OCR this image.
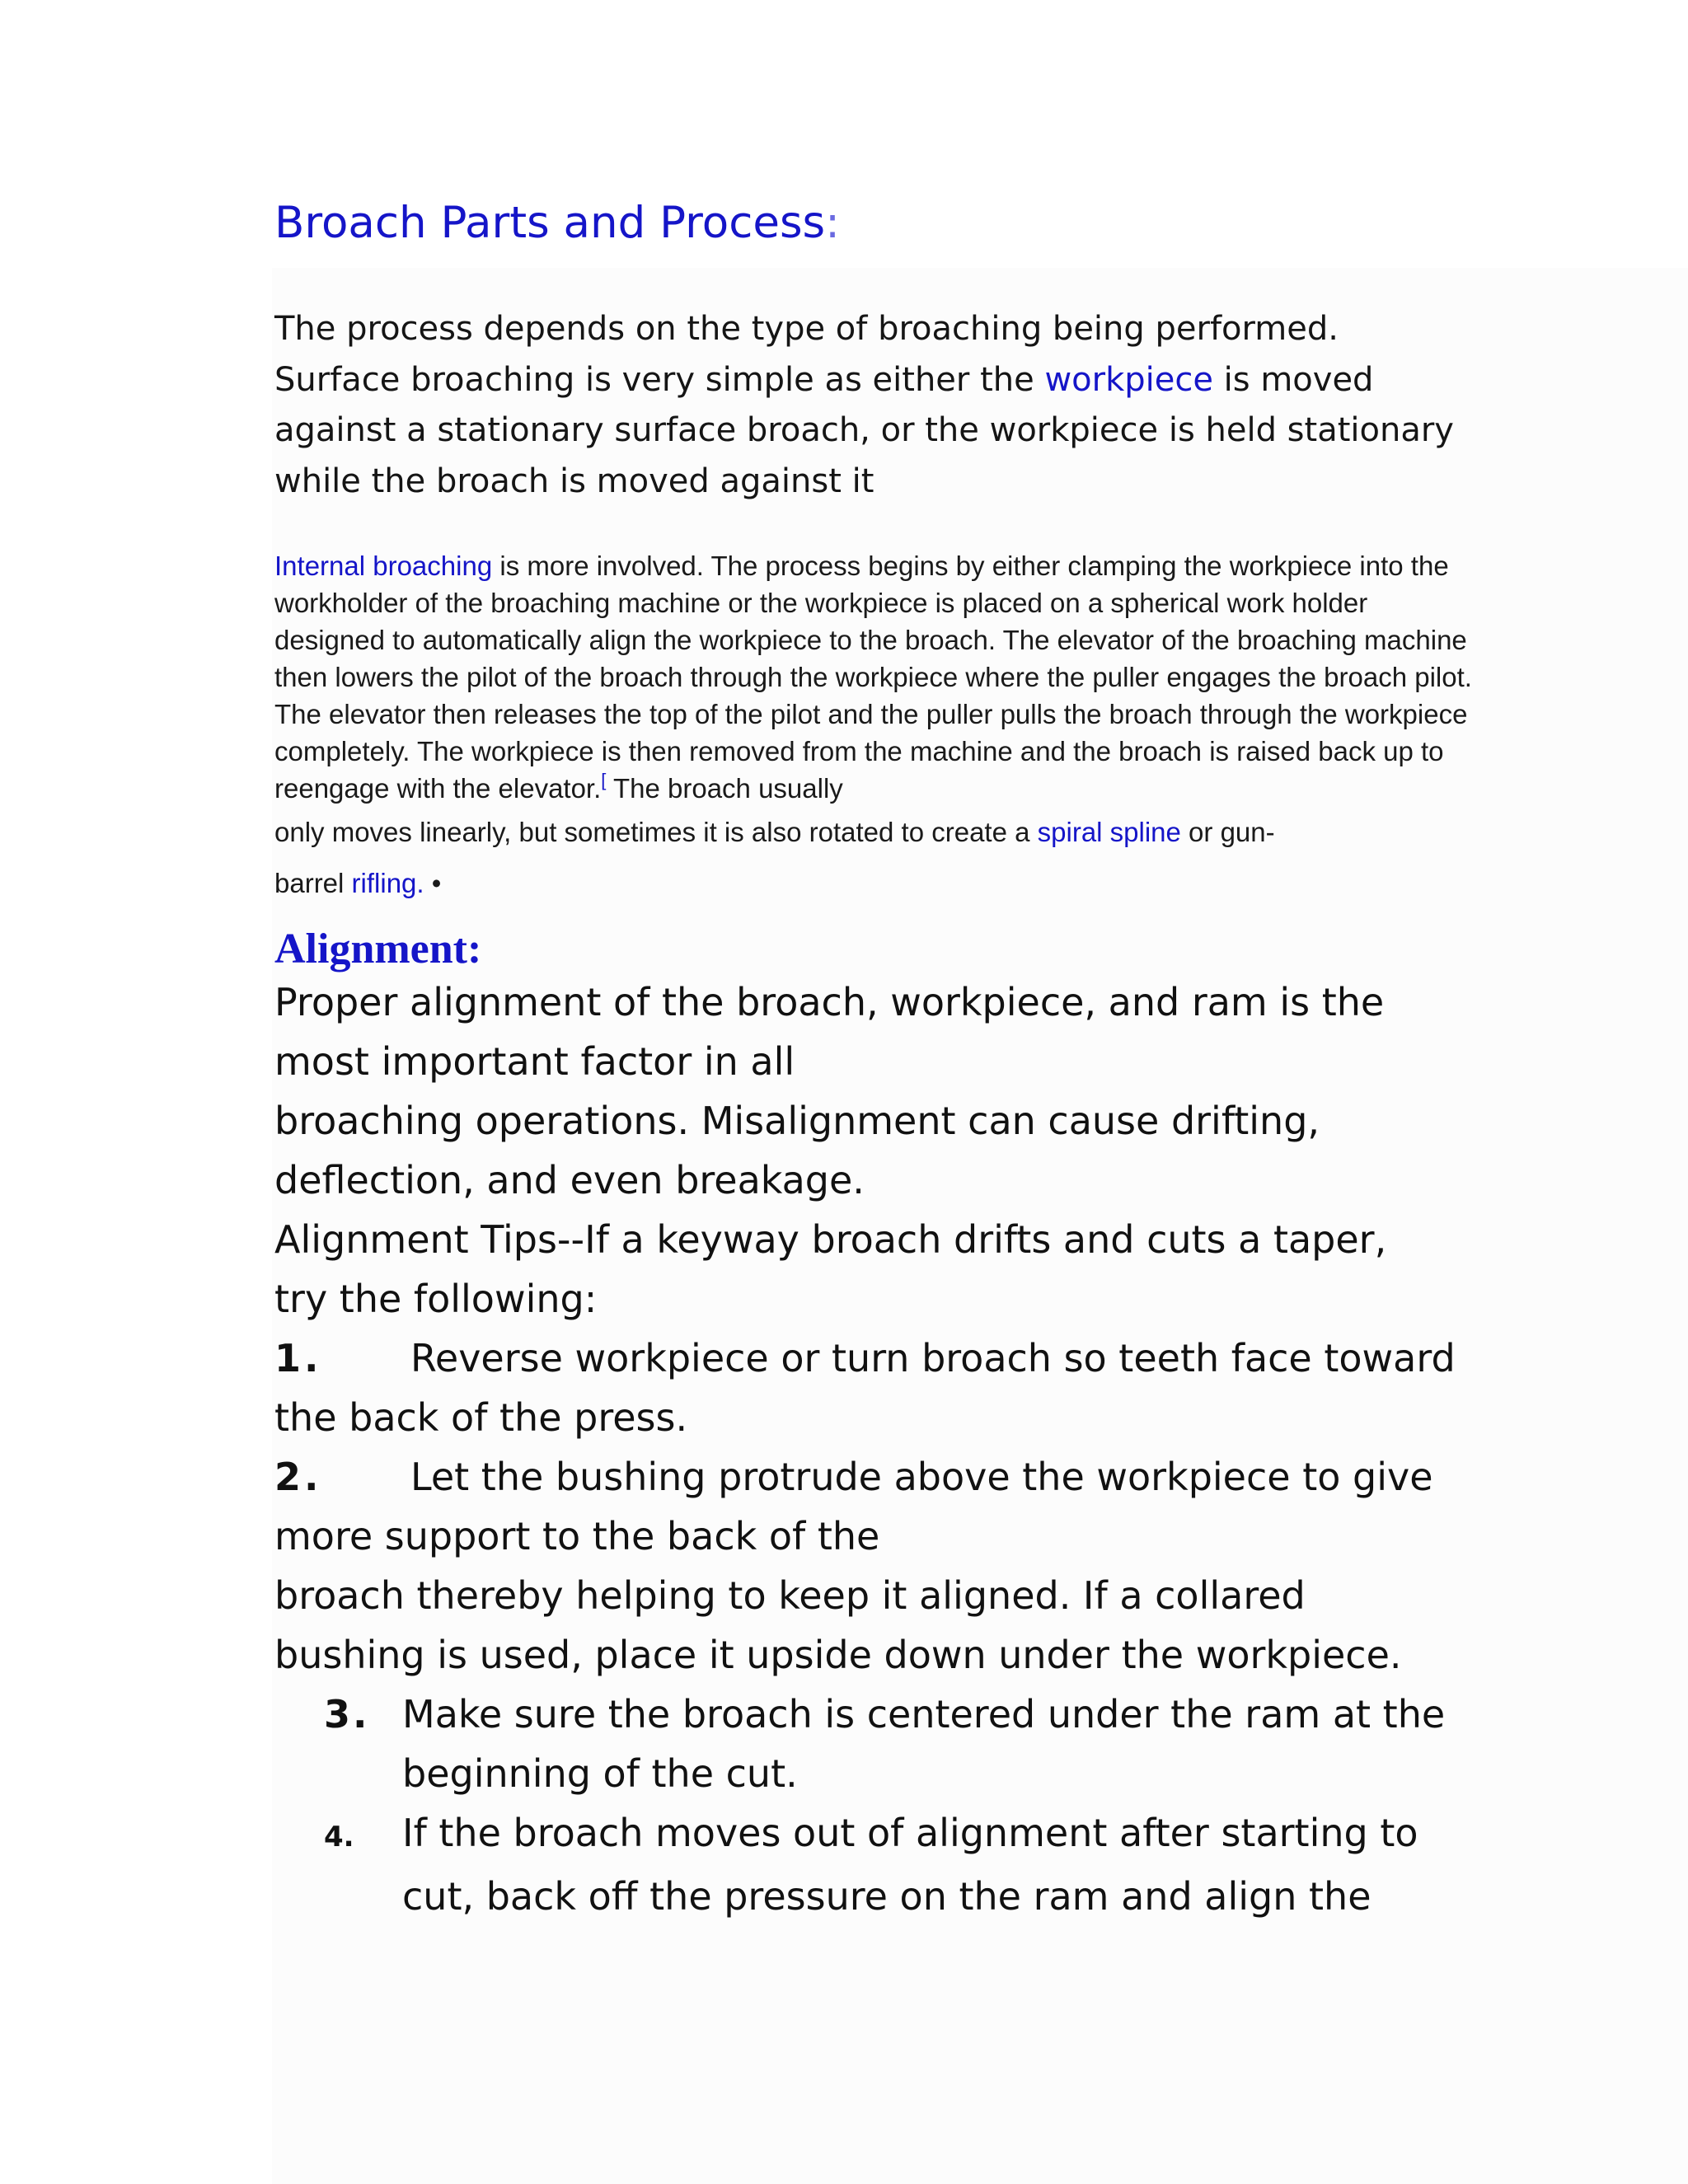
Broach Parts and Process:

The process depends on the type of broaching being performed. Surface broaching is very simple as either the workpiece is moved against a stationary surface broach, or the workpiece is held stationary while the broach is moved against it

Internal broaching is more involved. The process begins by either clamping the workpiece into the workholder of the broaching machine or the workpiece is placed on a spherical work holder designed to automatically align the workpiece to the broach. The elevator of the broaching machine then lowers the pilot of the broach through the workpiece where the puller engages the broach pilot. The elevator then releases the top of the pilot and the puller pulls the broach through the workpiece completely. The workpiece is then removed from the machine and the broach is raised back up to reengage with the elevator.[ The broach usually
only moves linearly, but sometimes it is also rotated to create a spiral spline or gun-
barrel rifling. •

Alignment:
Proper alignment of the broach, workpiece, and ram is the
most important factor in all
broaching operations. Misalignment can cause drifting,
deflection, and even breakage.
Alignment Tips--If a keyway broach drifts and cuts a taper,
try the following:
1. Reverse workpiece or turn broach so teeth face toward
the back of the press.
2. Let the bushing protrude above the workpiece to give
more support to the back of the
broach thereby helping to keep it aligned. If a collared
bushing is used, place it upside down under the workpiece.
3. Make sure the broach is centered under the ram at the
beginning of the cut.
4. If the broach moves out of alignment after starting to
cut, back off the pressure on the ram and align the
